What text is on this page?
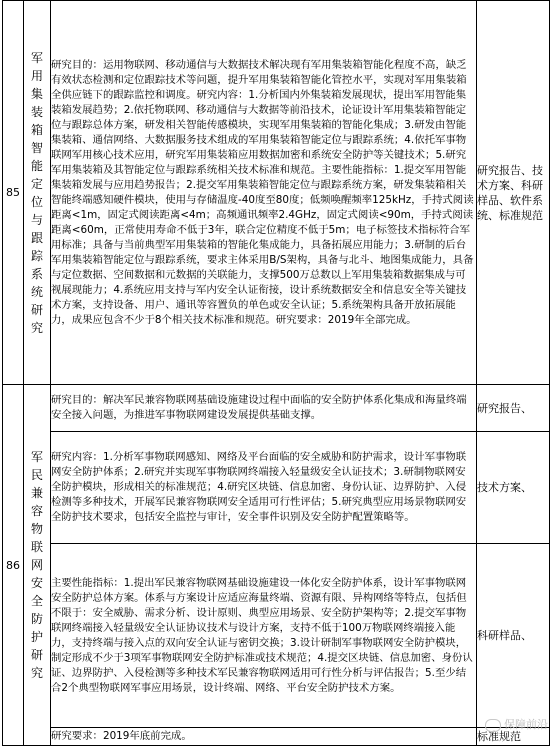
85	军用集装箱智能定位与跟踪系统研究	研究目的：运用物联网、移动通信与大数据技术解决现有军用集装箱智能化程度不高，缺乏有效状态检测和定位跟踪技术等问题，提升军用集装箱智能化管控水平，实现对军用集装箱全供应链下的跟踪监控和调度。研究内容：1.分析国内外集装箱发展现状，提出军用智能集装箱发展趋势；2.依托物联网、移动通信与大数据等前沿技术，论证设计军用集装箱智能定位与跟踪总体方案，研发相关智能传感模块，实现军用集装箱的智能化集成；3.研发由智能集装箱、通信网络、大数据服务技术组成的军用集装箱智能定位与跟踪系统；4.依托军事物联网军用核心技术应用，研究军用集装箱应用数据加密和系统安全防护等关键技术；5.研究军用集装箱及其智能定位与跟踪系统相关技术标准和规范。主要性能指标：1.提交军用智能集装箱发展与应用趋势报告；2.提交军用集装箱智能定位与跟踪系统方案，研发集装箱相关智能终端感知硬件模块，使用与存储温度-40度至80度；低频唤醒频率125kHz，手持式阅读距离<1m，固定式阅读距离<4m；高频通讯频率2.4GHz，固定式阅读<90m，手持式阅读距离<60m，正常使用寿命不低于3年，联合定位精度不低于5m；电子标签技术指标符合军用标准；具备与当前典型军用集装箱的智能化集成能力，具备拓展应用能力；3.研制的后台军用集装箱智能定位与跟踪系统，要求主体采用B/S架构，具备与北斗、地图集成能力，具备与定位数据、空间数据和元数据的关联能力，支撑500万总数以上军用集装箱数据集成与可视展现能力；4.系统应用支持与军内安全认证衔接，设计系统数据安全和信息安全等关键技术方案，支持设备、用户、通讯等容置负的单色或安全认证；5.系统架构具备开放拓展能力，成果应包含不少于8个相关技术标准和规范。研究要求：2019年全部完成。	研究报告、技术方案、科研样品、软件系统、标准规范
86	军民兼容物联网安全防护研究	研究目的：解决军民兼容物联网基础设施建设过程中面临的安全防护体系化集成和海量终端安全接入问题，为推进军事物联网建设发展提供基础支撑。	研究报告、
		研究内容：1.分析军事物联网感知、网络及平台面临的安全威胁和防护需求，设计军事物联网安全防护体系；2.研究并实现军事物联网终端接入轻量级安全认证技术；3.研制物联网安全防护模块，形成相关的标准规范；4.研究区块链、信息加密、身份认证、边界防护、入侵检测等多种技术，开展军民兼容物联网安全适用可行性评估；5.研究典型应用场景物联网安全防护技术要求，包括安全监控与审计，安全事件识别及安全防护配置策略等。	技术方案、
		主要性能指标：1.提出军民兼容物联网基础设施建设一体化安全防护体系，设计军事物联网安全防护总体方案。体系与方案设计应适应海量终端、资源有限、异构网络等特点，包括但不限于：安全威胁、需求分析、设计原则、典型应用场景、安全防护架构等；2.提交军事物联网终端接入轻量级安全认证协议技术与设计方案，支持不低于100万物联网终端接入能力，支持终端与接入点的双向安全认证与密钥交换；3.设计研制军事物联网安全防护模块，制定形成不少于3项军事物联网安全防护标准或技术规范；4.提交区块链、信息加密、身份认证、边界防护、入侵检测等多种技术军民兼容物联网适用可行性分析与评估报告；5.至少结合2个典型物联网军事应用场景，设计终端、网络、平台安全防护技术方案。	科研样品、
		研究要求：2019年底前完成。	标准规范
保障前沿
